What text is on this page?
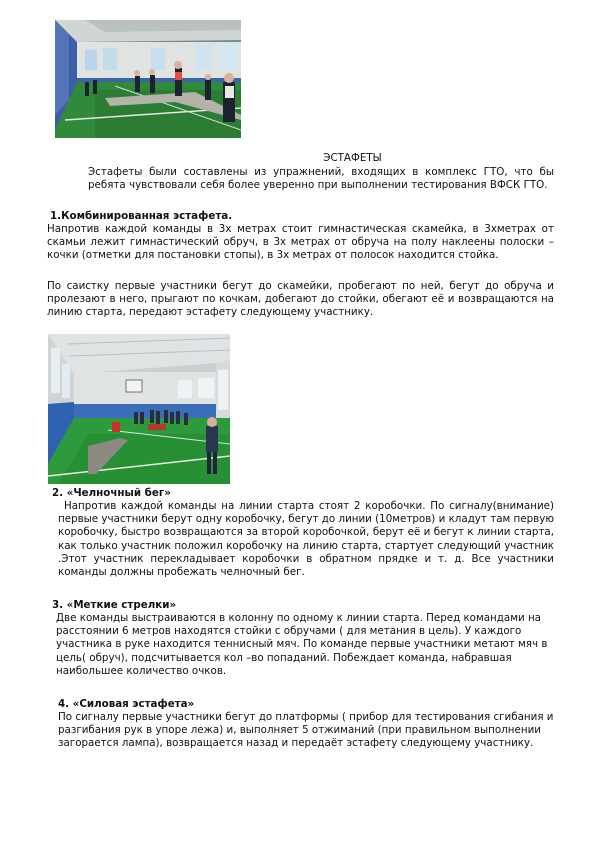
ЭСТАФЕТЫ
Эстафеты были составлены из упражнений, входящих в комплекс ГТО, что бы ребята чувствовали себя более уверенно при выполнении тестирования ВФСК ГТО.
1.Комбинированная эстафета.

Напротив каждой команды в 3х метрах стоит гимнастическая скамейка, в 3хметрах от скамьи лежит гимнастический обруч, в 3х метрах от обруча на полу наклеены полоски – кочки (отметки для постановки стопы), в 3х метрах от полосок находится стойка.

По саистку первые участники бегут до скамейки, пробегают по ней, бегут до обруча и пролезают в него, прыгают по кочкам, добегают до стойки, обегают её и возвращаются на линию старта, передают эстафету следующему участнику.

2. «Челночный бег»

Напротив каждой команды на линии старта стоят 2 коробочки. По сигналу(внимание) первые участники берут одну коробочку, бегут до линии (10метров) и кладут там первую коробочку, быстро возвращаются за второй коробочкой, берут её и бегут к линии старта, как только участник положил коробочку на линию старта, стартует следующий участник .Этот участник перекладывает коробочки в обратном прядке и т. д. Все участники команды должны пробежать челночный бег.

3. «Меткие стрелки»

Две команды выстраиваются в колонну по одному к линии старта. Перед командами на расстоянии 6 метров находятся стойки с обручами ( для метания в цель). У каждого участника в руке находится теннисный мяч. По команде первые участники метают мяч в цель( обруч), подсчитывается кол –во попаданий. Побеждает команда, набравшая наибольшее количество очков.

4. «Силовая эстафета»

По сигналу первые участники бегут до платформы ( прибор для тестирования сгибания и разгибания рук в упоре лежа) и, выполняет 5 отжиманий (при правильном выполнении загорается лампа), возвращается назад и передаёт эстафету следующему участнику.
